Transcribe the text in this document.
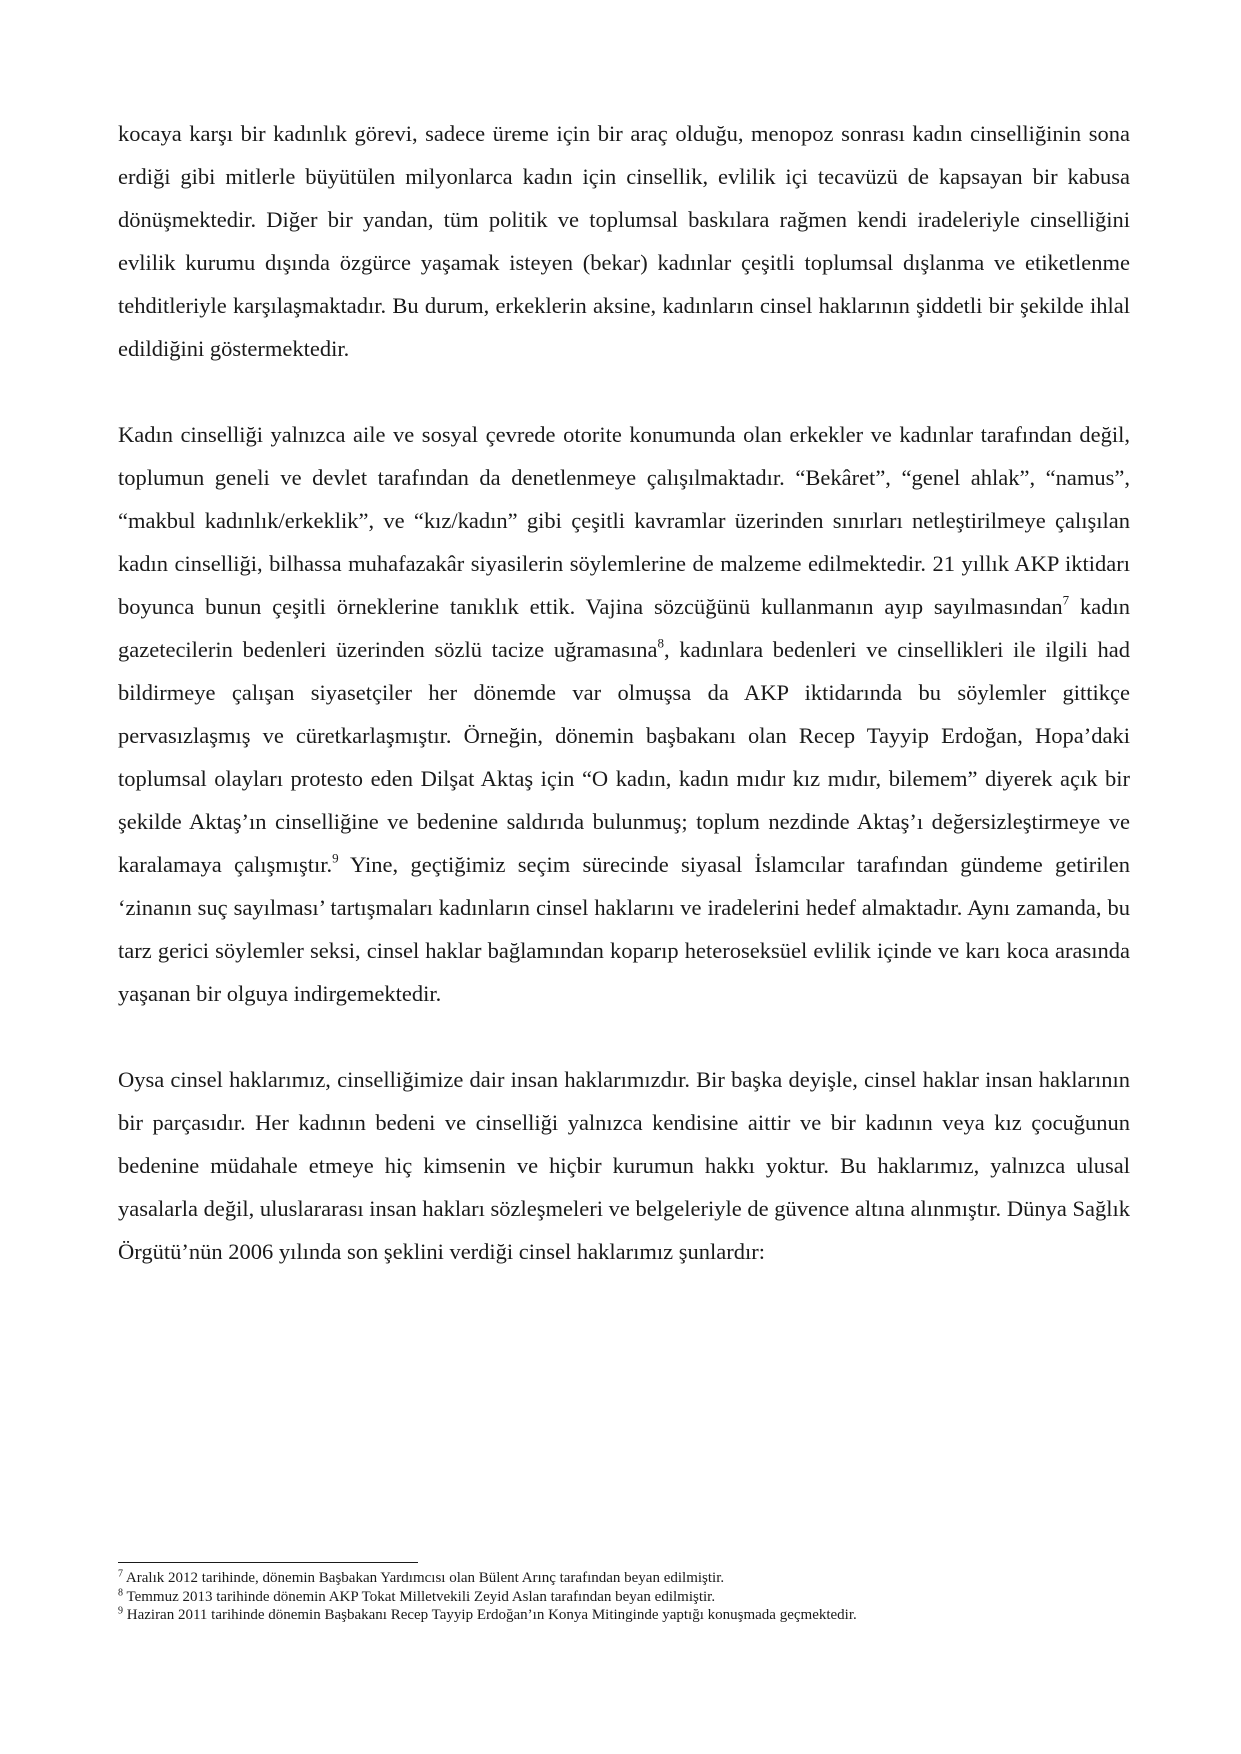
kocaya karşı bir kadınlık görevi, sadece üreme için bir araç olduğu, menopoz sonrası kadın cinselliğinin sona erdiği gibi mitlerle büyütülen milyonlarca kadın için cinsellik, evlilik içi tecavüzü de kapsayan bir kabusa dönüşmektedir. Diğer bir yandan, tüm politik ve toplumsal baskılara rağmen kendi iradeleriyle cinselliğini evlilik kurumu dışında özgürce yaşamak isteyen (bekar) kadınlar çeşitli toplumsal dışlanma ve etiketlenme tehditleriyle karşılaşmaktadır. Bu durum, erkeklerin aksine, kadınların cinsel haklarının şiddetli bir şekilde ihlal edildiğini göstermektedir.

Kadın cinselliği yalnızca aile ve sosyal çevrede otorite konumunda olan erkekler ve kadınlar tarafından değil, toplumun geneli ve devlet tarafından da denetlenmeye çalışılmaktadır. “Bekâret”, “genel ahlak”, “namus”, “makbul kadınlık/erkeklik”, ve “kız/kadın” gibi çeşitli kavramlar üzerinden sınırları netleştirilmeye çalışılan kadın cinselliği, bilhassa muhafazakâr siyasilerin söylemlerine de malzeme edilmektedir. 21 yıllık AKP iktidarı boyunca bunun çeşitli örneklerine tanıklık ettik. Vajina sözcüğünü kullanmanın ayıp sayılmasından$^7$ kadın gazetecilerin bedenleri üzerinden sözlü tacize uğramasına$^8$, kadınlara bedenleri ve cinsellikleri ile ilgili had bildirmeye çalışan siyasetçiler her dönemde var olmuşsa da AKP iktidarında bu söylemler gittikçe pervasızlaşmış ve cüretkarlaşmıştır. Örneğin, dönemin başbakanı olan Recep Tayyip Erdoğan, Hopa’daki toplumsal olayları protesto eden Dilşat Aktaş için “O kadın, kadın mıdır kız mıdır, bilemem” diyerek açık bir şekilde Aktaş’ın cinselliğine ve bedenine saldırıda bulunmuş; toplum nezdinde Aktaş’ı değersizleştirmeye ve karalamaya çalışmıştır.$^9$ Yine, geçtiğimiz seçim sürecinde siyasal İslamcılar tarafından gündeme getirilen ‘zinanın suç sayılması’ tartışmaları kadınların cinsel haklarını ve iradelerini hedef almaktadır. Aynı zamanda, bu tarz gerici söylemler seksi, cinsel haklar bağlamından koparıp heteroseksüel evlilik içinde ve karı koca arasında yaşanan bir olguya indirgemektedir.

Oysa cinsel haklarımız, cinselliğimize dair insan haklarımızdır. Bir başka deyişle, cinsel haklar insan haklarının bir parçasıdır. Her kadının bedeni ve cinselliği yalnızca kendisine aittir ve bir kadının veya kız çocuğunun bedenine müdahale etmeye hiç kimsenin ve hiçbir kurumun hakkı yoktur. Bu haklarımız, yalnızca ulusal yasalarla değil, uluslararası insan hakları sözleşmeleri ve belgeleriyle de güvence altına alınmıştır. Dünya Sağlık Örgütü’nün 2006 yılında son şeklini verdiği cinsel haklarımız şunlardır:

$^7$ Aralık 2012 tarihinde, dönemin Başbakan Yardımcısı olan Bülent Arınç tarafından beyan edilmiştir.

$^8$ Temmuz 2013 tarihinde dönemin AKP Tokat Milletvekili Zeyid Aslan tarafından beyan edilmiştir.

$^9$ Haziran 2011 tarihinde dönemin Başbakanı Recep Tayyip Erdoğan’ın Konya Mitinginde yaptığı konuşmada geçmektedir.
